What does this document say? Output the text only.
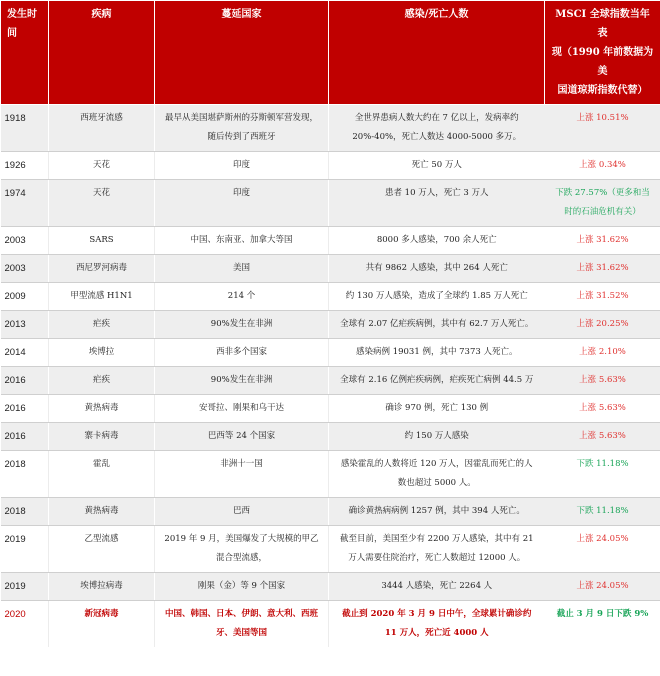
发生时间	疾病	蔓延国家	感染/死亡人数	MSCI 全球指数当年表
现（1990 年前数据为美
国道琼斯指数代替）

1918	西班牙流感	最早从美国堪萨斯州的芬斯顿军营发现，随后传到了西班牙	全世界患病人数大约在 7 亿以上，发病率约 20%-40%，死亡人数达 4000-5000 多万。	上涨 10.51%
1926	天花	印度	死亡 50 万人	上涨 0.34%
1974	天花	印度	患者 10 万人，死亡 3 万人	下跌 27.57%（更多和当时的石油危机有关）
2003	SARS	中国、东南亚、加拿大等国	8000 多人感染，700 余人死亡	上涨 31.62%
2003	西尼罗河病毒	美国	共有 9862 人感染，其中 264 人死亡	上涨 31.62%
2009	甲型流感 H1N1	214 个	约 130 万人感染，造成了全球约 1.85 万人死亡	上涨 31.52%
2013	疟疾	90%发生在非洲	全球有 2.07 亿疟疾病例，其中有 62.7 万人死亡。	上涨 20.25%
2014	埃博拉	西非多个国家	感染病例 19031 例，其中 7373 人死亡。	上涨 2.10%
2016	疟疾	90%发生在非洲	全球有 2.16 亿例疟疾病例，疟疾死亡病例 44.5 万	上涨 5.63%
2016	黄热病毒	安哥拉、刚果和乌干达	确诊 970 例，死亡 130 例	上涨 5.63%
2016	寨卡病毒	巴西等 24 个国家	约 150 万人感染	上涨 5.63%
2018	霍乱	非洲十一国	感染霍乱的人数将近 120 万人，因霍乱而死亡的人数也超过 5000 人。	下跌 11.18%
2018	黄热病毒	巴西	确诊黄热病病例 1257 例，其中 394 人死亡。	下跌 11.18%
2019	乙型流感	2019 年 9 月，美国爆发了大规模的甲乙混合型流感，	截至目前，美国至少有 2200 万人感染，其中有 21 万人需要住院治疗，死亡人数超过 12000 人。	上涨 24.05%
2019	埃博拉病毒	刚果（金）等 9 个国家	3444 人感染，死亡 2264 人	上涨 24.05%
2020	新冠病毒	中国、韩国、日本、伊朗、意大利、西班牙、美国等国	截止到 2020 年 3 月 9 日中午，全球累计确诊约 11 万人，死亡近 4000 人	截止 3 月 9 日下跌 9%
